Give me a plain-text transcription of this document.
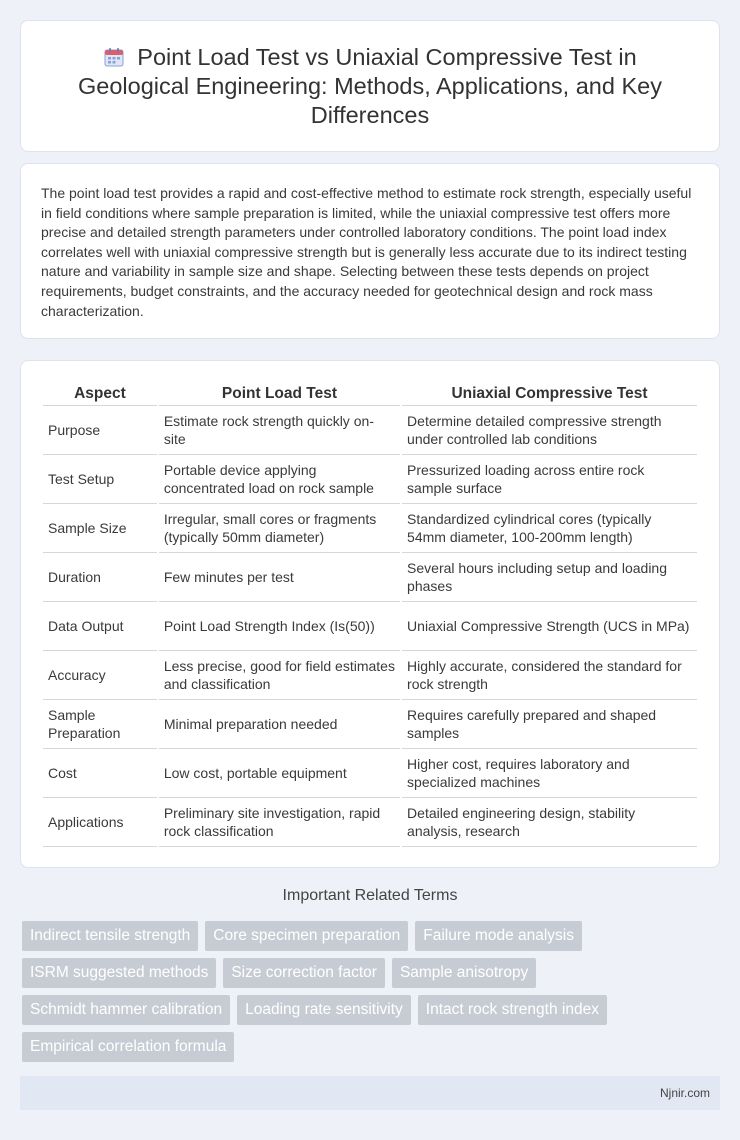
Point Load Test vs Uniaxial Compressive Test in Geological Engineering: Methods, Applications, and Key Differences

The point load test provides a rapid and cost-effective method to estimate rock strength, especially useful in field conditions where sample preparation is limited, while the uniaxial compressive test offers more precise and detailed strength parameters under controlled laboratory conditions. The point load index correlates well with uniaxial compressive strength but is generally less accurate due to its indirect testing nature and variability in sample size and shape. Selecting between these tests depends on project requirements, budget constraints, and the accuracy needed for geotechnical design and rock mass characterization.

Aspect	Point Load Test	Uniaxial Compressive Test
Purpose	Estimate rock strength quickly on-site	Determine detailed compressive strength under controlled lab conditions
Test Setup	Portable device applying concentrated load on rock sample	Pressurized loading across entire rock sample surface
Sample Size	Irregular, small cores or fragments (typically 50mm diameter)	Standardized cylindrical cores (typically 54mm diameter, 100-200mm length)
Duration	Few minutes per test	Several hours including setup and loading phases
Data Output	Point Load Strength Index (Is(50))	Uniaxial Compressive Strength (UCS in MPa)
Accuracy	Less precise, good for field estimates and classification	Highly accurate, considered the standard for rock strength
Sample Preparation	Minimal preparation needed	Requires carefully prepared and shaped samples
Cost	Low cost, portable equipment	Higher cost, requires laboratory and specialized machines
Applications	Preliminary site investigation, rapid rock classification	Detailed engineering design, stability analysis, research
Important Related Terms
Indirect tensile strength	Core specimen preparation	Failure mode analysis
ISRM suggested methods	Size correction factor	Sample anisotropy
Schmidt hammer calibration	Loading rate sensitivity	Intact rock strength index
Empirical correlation formula
Njnir.com
